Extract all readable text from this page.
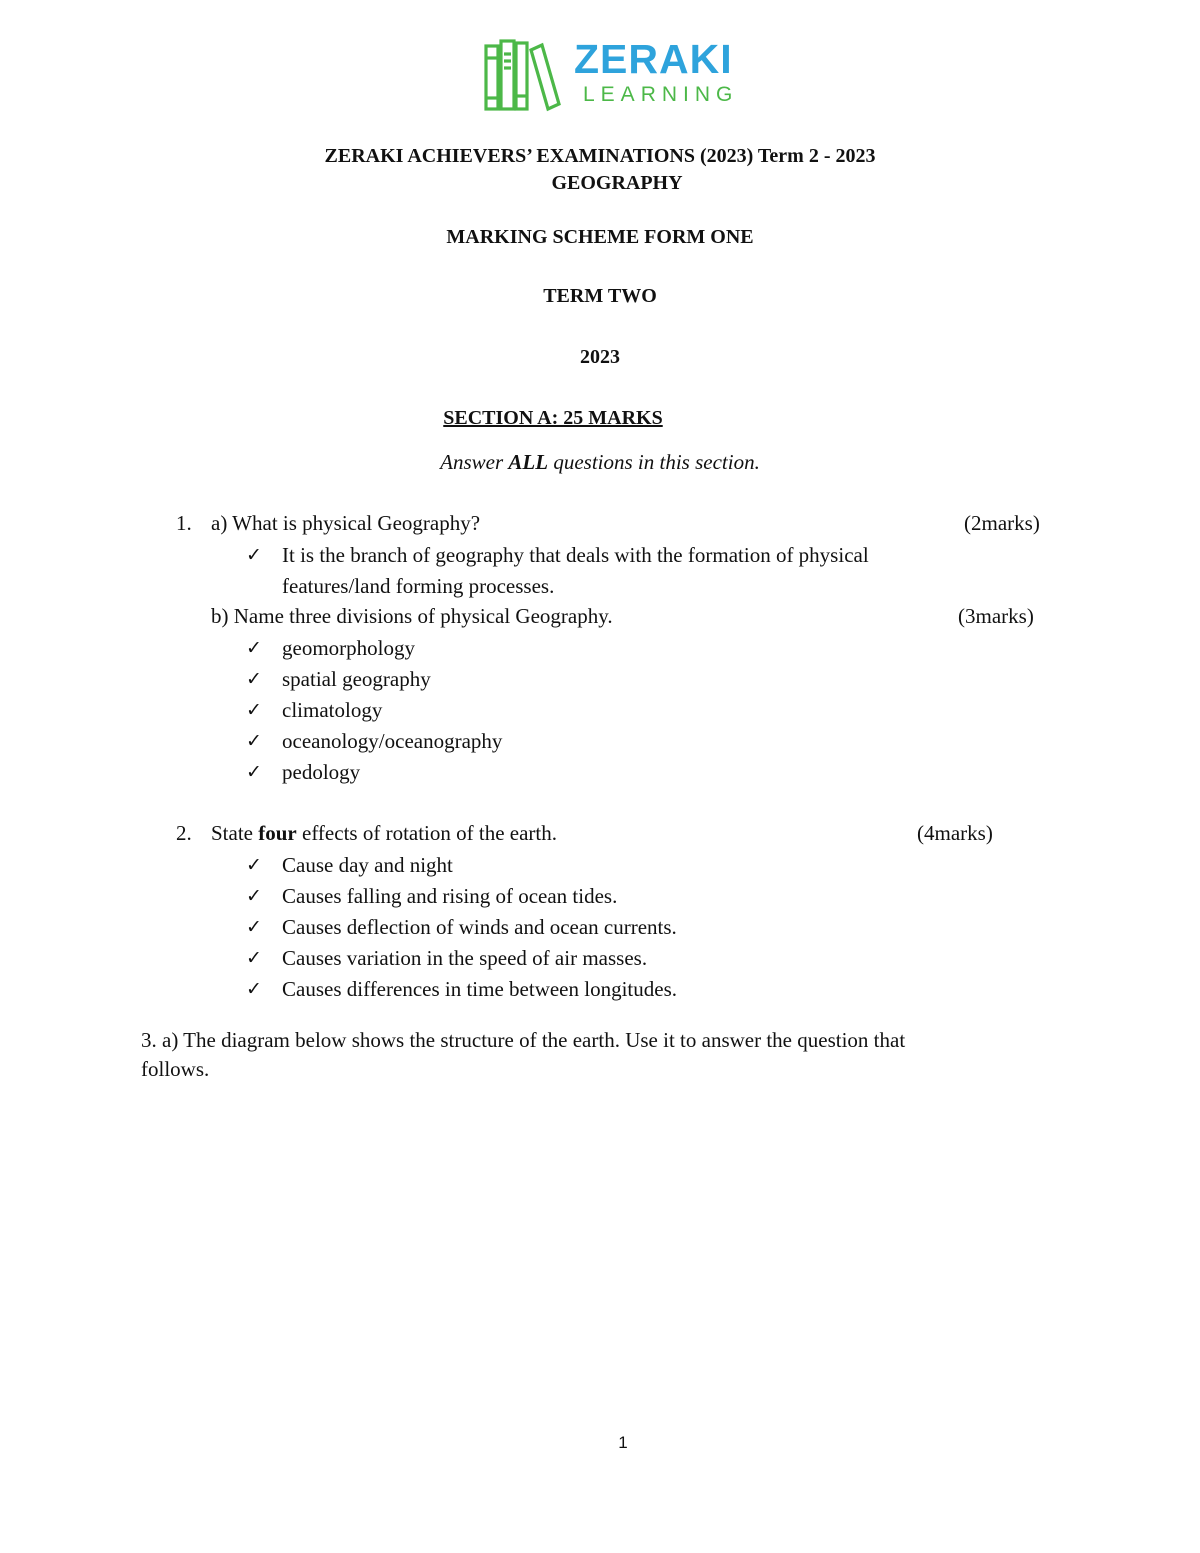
ZERAKI
LEARNING
ZERAKI ACHIEVERS’ EXAMINATIONS (2023) Term 2 - 2023
GEOGRAPHY
MARKING SCHEME FORM ONE
TERM TWO
2023
SECTION A: 25 MARKS
Answer ALL questions in this section.
1. a) What is physical Geography?	(2marks)
✓ It is the branch of geography that deals with the formation of physical
features/land forming processes.
b) Name three divisions of physical Geography.	(3marks)
✓ geomorphology
✓ spatial geography
✓ climatology
✓ oceanology/oceanography
✓ pedology
2. State four effects of rotation of the earth.	(4marks)
✓ Cause day and night
✓ Causes falling and rising of ocean tides.
✓ Causes deflection of winds and ocean currents.
✓ Causes variation in the speed of air masses.
✓ Causes differences in time between longitudes.
3. a) The diagram below shows the structure of the earth. Use it to answer the question that
follows.
1
